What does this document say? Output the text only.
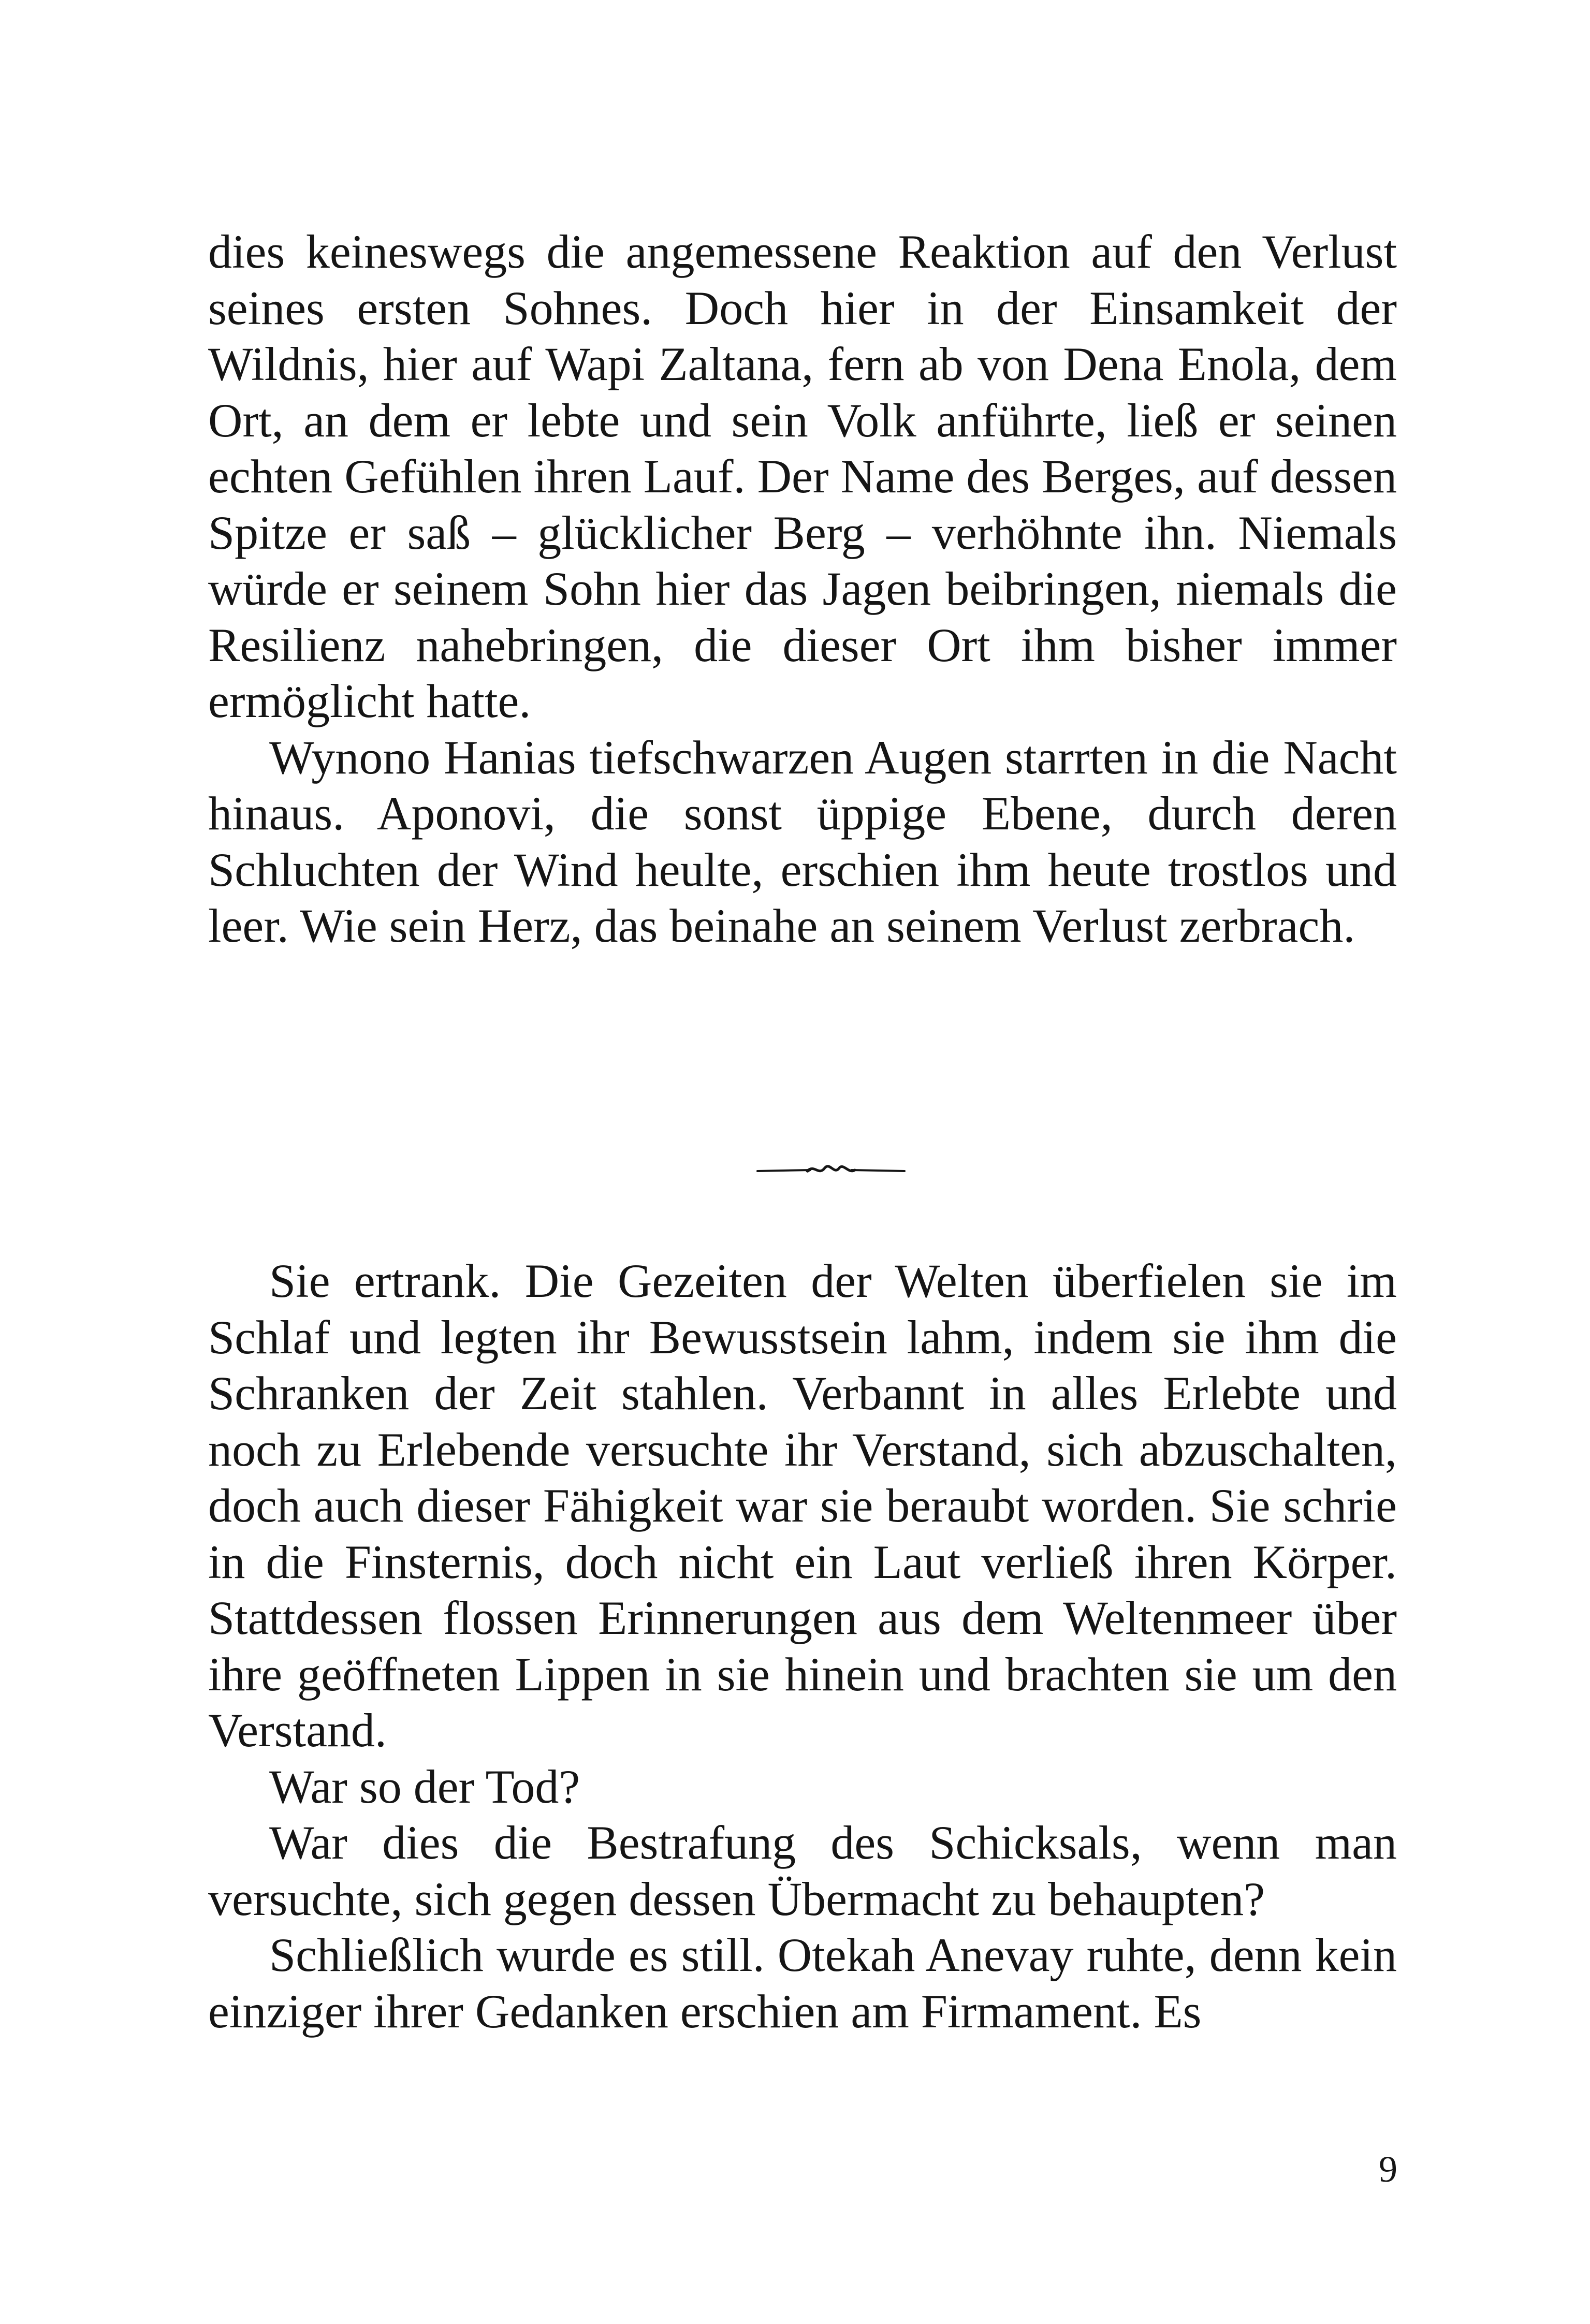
dies keineswegs die angemessene Reaktion auf den Verlust seines ersten Sohnes. Doch hier in der Einsamkeit der Wildnis, hier auf Wapi Zaltana, fern ab von Dena Enola, dem Ort, an dem er lebte und sein Volk anführte, ließ er seinen echten Gefühlen ihren Lauf. Der Name des Berges, auf dessen Spitze er saß – glücklicher Berg – verhöhnte ihn. Niemals würde er seinem Sohn hier das Jagen beibringen, niemals die Resilienz nahebringen, die dieser Ort ihm bisher immer ermöglicht hatte.

Wynono Hanias tiefschwarzen Augen starrten in die Nacht hinaus. Aponovi, die sonst üppige Ebene, durch deren Schluchten der Wind heulte, erschien ihm heute trostlos und leer. Wie sein Herz, das beinahe an seinem Verlust zerbrach.

Sie ertrank. Die Gezeiten der Welten überfielen sie im Schlaf und legten ihr Bewusstsein lahm, indem sie ihm die Schranken der Zeit stahlen. Verbannt in alles Erlebte und noch zu Erlebende versuchte ihr Verstand, sich abzuschalten, doch auch dieser Fähigkeit war sie beraubt worden. Sie schrie in die Finsternis, doch nicht ein Laut verließ ihren Körper. Stattdessen flossen Erinnerungen aus dem Weltenmeer über ihre geöffneten Lippen in sie hinein und brachten sie um den Verstand.

War so der Tod?

War dies die Bestrafung des Schicksals, wenn man versuchte, sich gegen dessen Übermacht zu behaupten?

Schließlich wurde es still. Otekah Anevay ruhte, denn kein einziger ihrer Gedanken erschien am Firmament. Es

9
